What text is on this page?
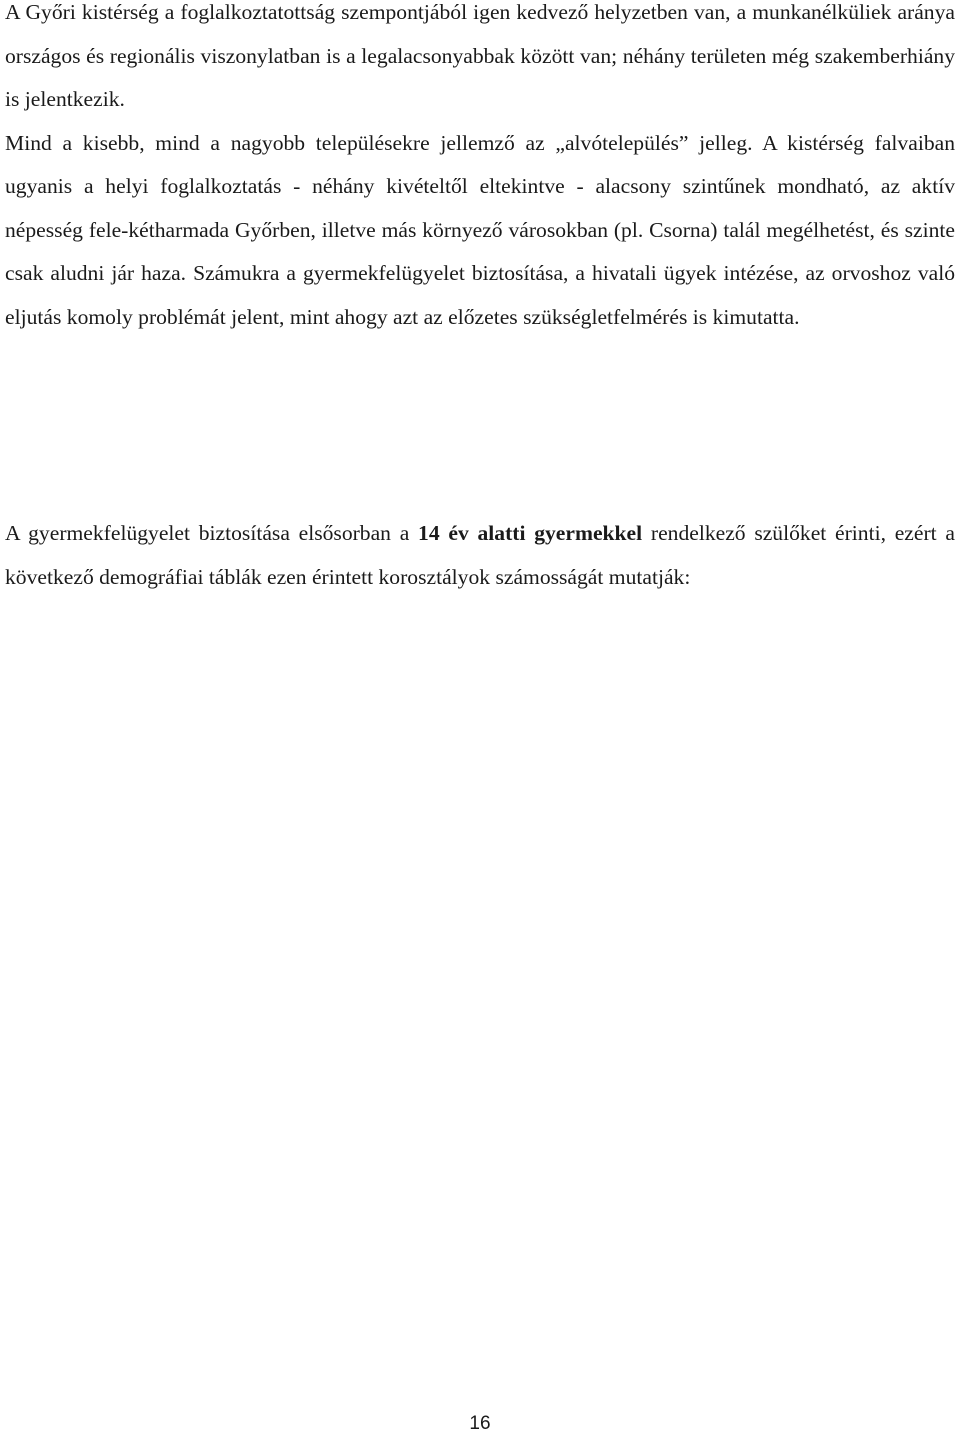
A Győri kistérség a foglalkoztatottság szempontjából igen kedvező helyzetben van, a munkanélküliek aránya országos és regionális viszonylatban is a legalacsonyabbak között van; néhány területen még szakemberhiány is jelentkezik.
Mind a kisebb, mind a nagyobb településekre jellemző az „alvótelepülés” jelleg. A kistérség falvaiban ugyanis a helyi foglalkoztatás - néhány kivételtől eltekintve - alacsony szintűnek mondható, az aktív népesség fele-kétharmada Győrben, illetve más környező városokban (pl. Csorna) talál megélhetést, és szinte csak aludni jár haza. Számukra a gyermekfelügyelet biztosítása, a hivatali ügyek intézése, az orvoshoz való eljutás komoly problémát jelent, mint ahogy azt az előzetes szükségletfelmérés is kimutatta.

A gyermekfelügyelet biztosítása elsősorban a 14 év alatti gyermekkel rendelkező szülőket érinti, ezért a következő demográfiai táblák ezen érintett korosztályok számosságát mutatják:

16
